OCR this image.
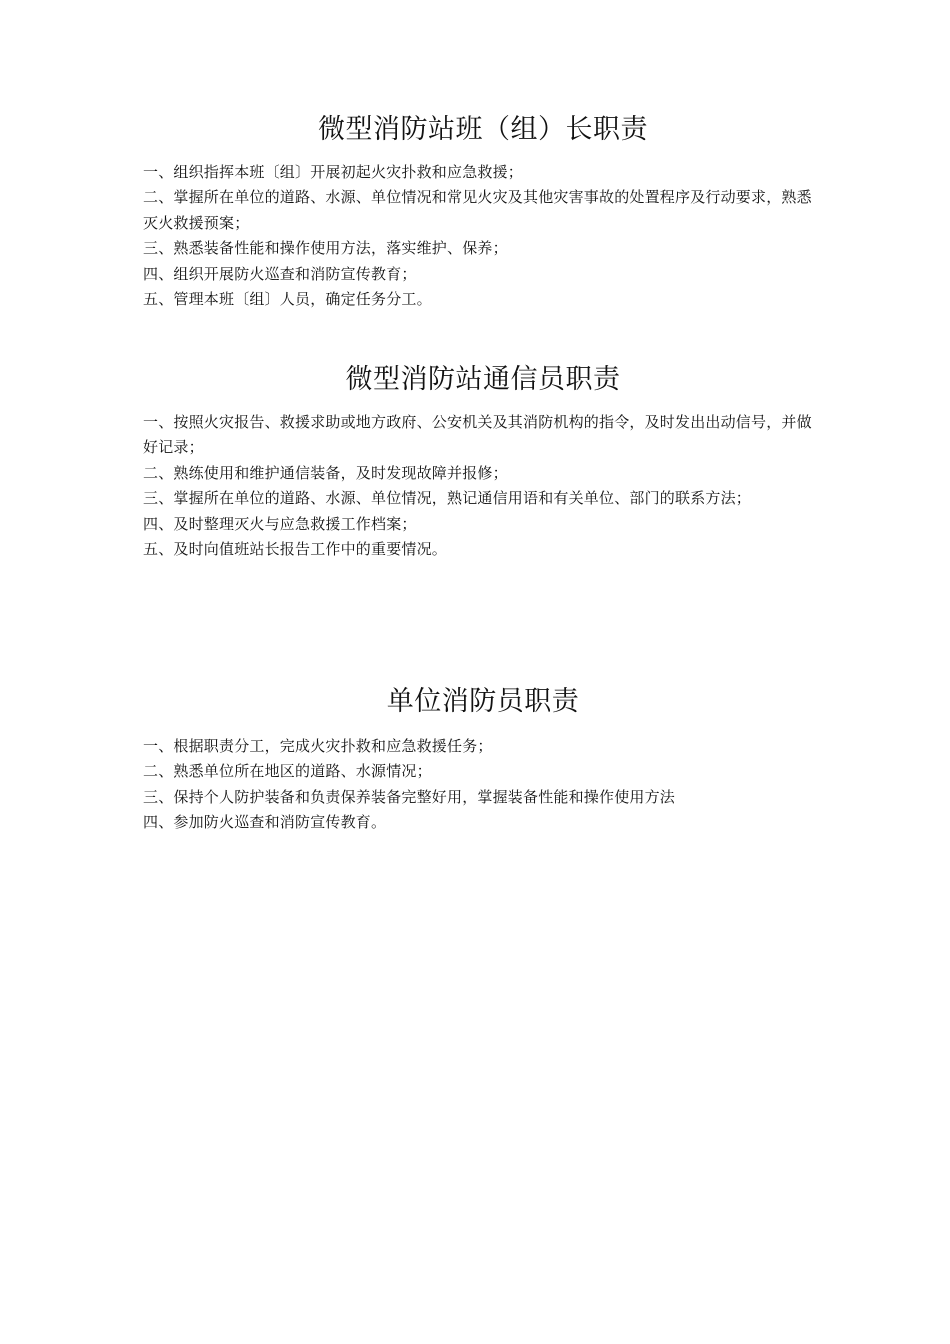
微型消防站班（组）长职责
一、组织指挥本班〔组〕开展初起火灾扑救和应急救援；
二、掌握所在单位的道路、水源、单位情况和常见火灾及其他灾害事故的处置程序及行动要求，熟悉灭火救援预案；
三、熟悉装备性能和操作使用方法，落实维护、保养；
四、组织开展防火巡查和消防宣传教育；
五、管理本班〔组〕人员，确定任务分工。
微型消防站通信员职责
一、按照火灾报告、救援求助或地方政府、公安机关及其消防机构的指令，及时发出出动信号，并做好记录；
二、熟练使用和维护通信装备，及时发现故障并报修；
三、掌握所在单位的道路、水源、单位情况，熟记通信用语和有关单位、部门的联系方法；
四、及时整理灭火与应急救援工作档案；
五、及时向值班站长报告工作中的重要情况。
单位消防员职责
一、根据职责分工，完成火灾扑救和应急救援任务；
二、熟悉单位所在地区的道路、水源情况；
三、保持个人防护装备和负责保养装备完整好用，掌握装备性能和操作使用方法
四、参加防火巡查和消防宣传教育。
